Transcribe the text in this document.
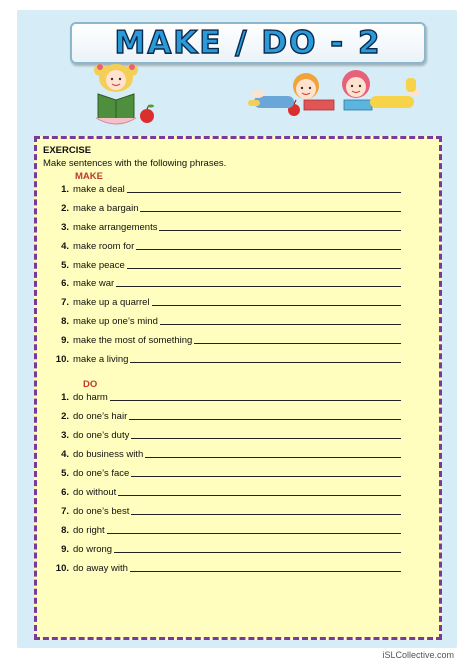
MAKE / DO - 2
EXERCISE
Make sentences with the following phrases.
MAKE
1. make a deal
2. make a bargain
3. make arrangements
4. make room for
5. make peace
6. make war
7. make up a quarrel
8. make up one’s mind
9. make the most of something
10. make a living
DO
1. do harm
2. do one’s hair
3. do one’s duty
4. do business with
5. do one’s face
6. do without
7. do one’s best
8. do right
9. do wrong
10. do away with
iSLCollective.com
